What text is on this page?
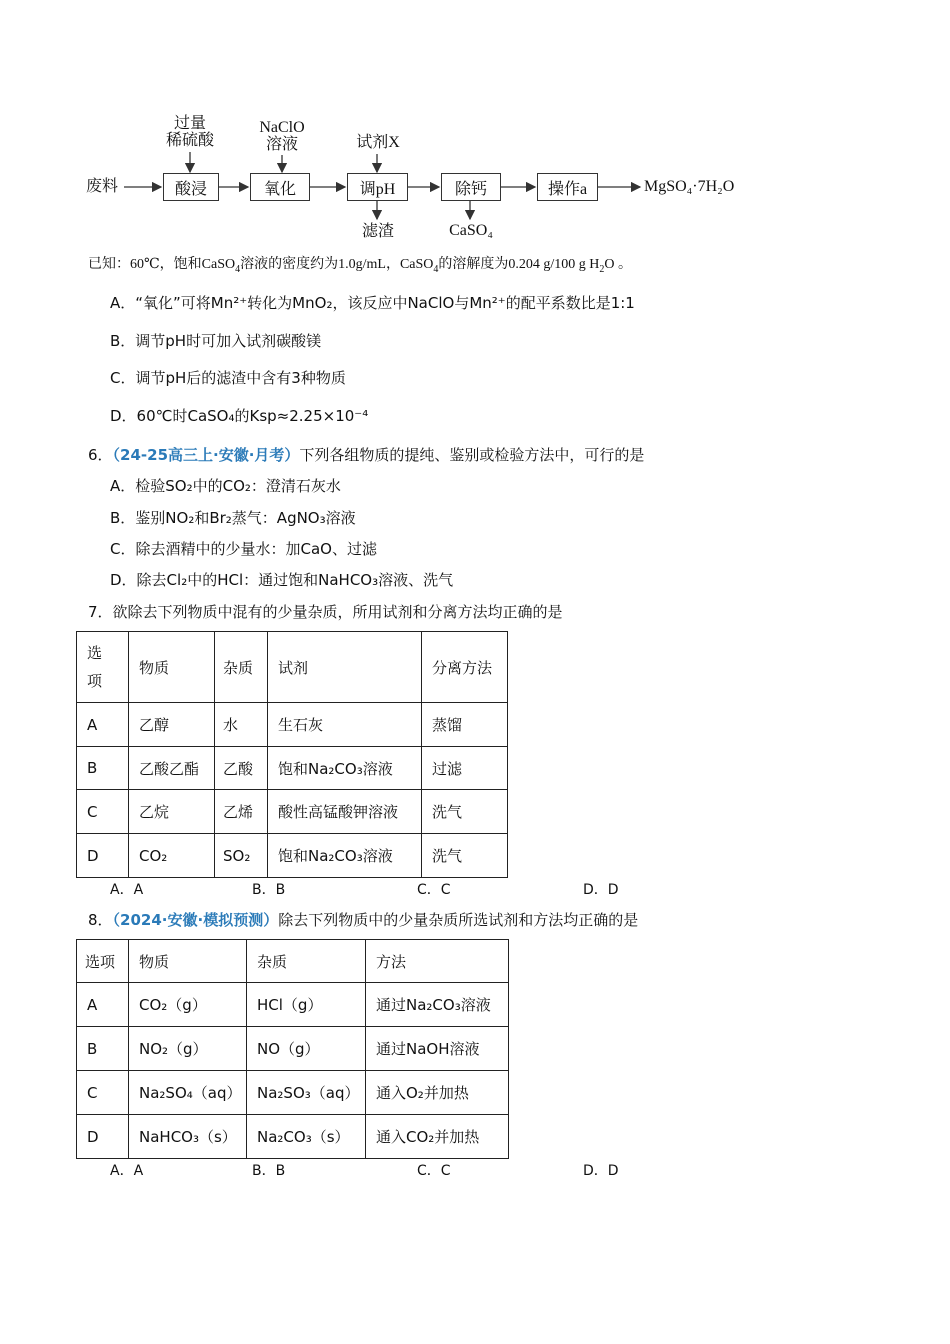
废料	酸浸	氧化	调pH	除钙	操作a
过量
稀硫酸
NaClO
溶液	试剂X
滤渣	CaSO₄
MgSO₄·7H₂O
已知：60℃，饱和CaSO$_4$溶液的密度约为1.0g/mL，CaSO$_4$的溶解度为0.204 g/100 g $H_2O$ 。
A．“氧化”可将Mn²⁺转化为MnO₂，该反应中NaClO与Mn²⁺的配平系数比是1:1
B．调节pH时可加入试剂碳酸镁
C．调节pH后的滤渣中含有3种物质
D．60℃时CaSO₄的Ksp≈2.25×10⁻⁴
6．（24-25高三上·安徽·月考）下列各组物质的提纯、鉴别或检验方法中，可行的是
A．检验SO₂中的CO₂：澄清石灰水
B．鉴别NO₂和Br₂蒸气：AgNO₃溶液
C．除去酒精中的少量水：加CaO、过滤
D．除去Cl₂中的HCl：通过饱和NaHCO₃溶液、洗气
7．欲除去下列物质中混有的少量杂质，所用试剂和分离方法均正确的是
选
项	物质	杂质	试剂	分离方法
A	乙醇	水	生石灰	蒸馏
B	乙酸乙酯	乙酸	饱和Na₂CO₃溶液	过滤
C	乙烷	乙烯	酸性高锰酸钾溶液	洗气
D	CO₂	SO₂	饱和Na₂CO₃溶液	洗气
A．A	B．B	C．C	D．D
8．（2024·安徽·模拟预测）除去下列物质中的少量杂质所选试剂和方法均正确的是
选项	物质	杂质	方法
A	CO₂（g）	HCl（g）	通过Na₂CO₃溶液
B	NO₂（g）	NO（g）	通过NaOH溶液
C	Na₂SO₄（aq）	Na₂SO₃（aq）	通入O₂并加热
D	NaHCO₃（s）	Na₂CO₃（s）	通入CO₂并加热
A．A	B．B	C．C	D．D
